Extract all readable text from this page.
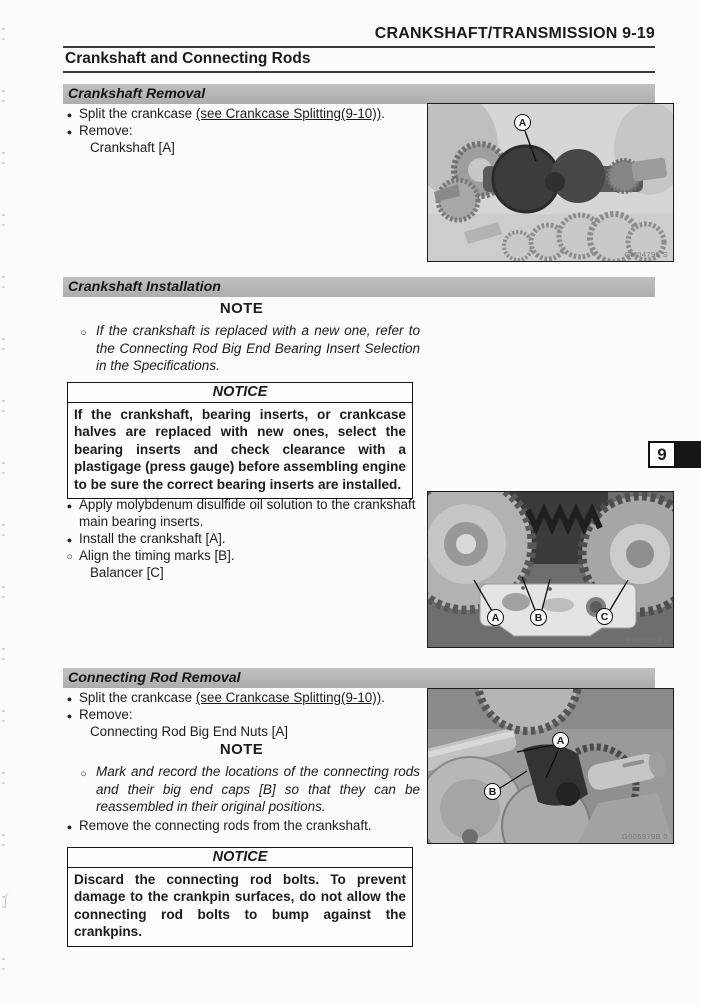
CRANKSHAFT/TRANSMISSION 9-19
Crankshaft and Connecting Rods
Crankshaft Removal
●
Split the crankcase (see Crankcase Splitting(9-10)).
●
Remove:
Crankshaft [A]
A
GM04796 S
Crankshaft Installation
NOTE
○
If the crankshaft is replaced with a new one, refer to the Connecting Rod Big End Bearing Insert Selection in the Specifications.
NOTICE
If the crankshaft, bearing inserts, or crankcase halves are replaced with new ones, select the bearing inserts and check clearance with a plastigage (press gauge) before assembling engine to be sure the correct bearing inserts are installed.
●
Apply molybdenum disulfide oil solution to the crankshaft main bearing inserts.
●
Install the crankshaft [A].
○
Align the timing marks [B].
Balancer [C]
A	B	C
GM04104 J
Connecting Rod Removal
●
Split the crankcase (see Crankcase Splitting(9-10)).
●
Remove:
Connecting Rod Big End Nuts [A]
NOTE
○
Mark and record the locations of the connecting rods and their big end caps [B] so that they can be reassembled in their original positions.
●
Remove the connecting rods from the crankshaft.
NOTICE
Discard the connecting rod bolts. To prevent damage to the crankpin surfaces, do not allow the connecting rod bolts to bump against the crankpins.
A
B
G005879B 0
9
